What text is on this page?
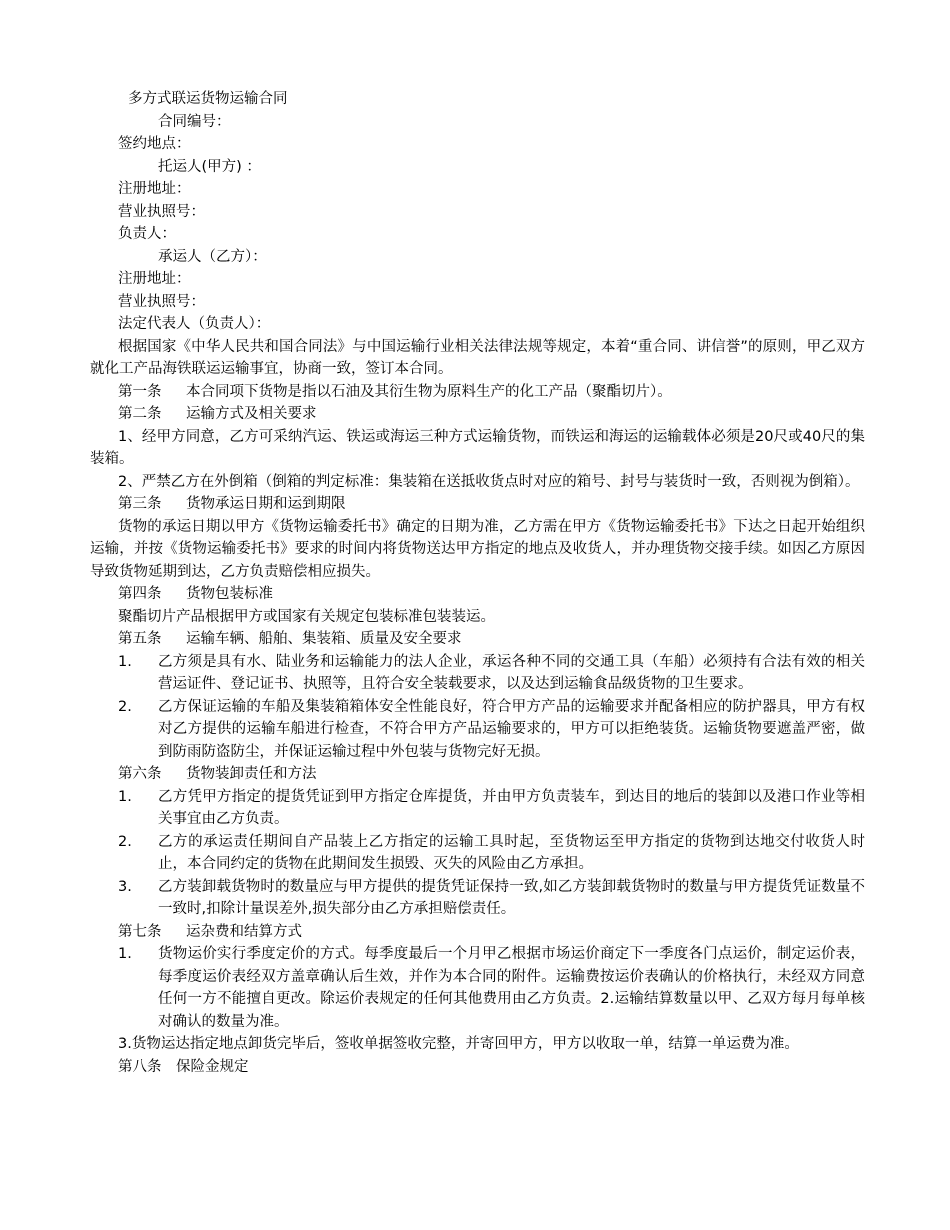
多方式联运货物运输合同
合同编号：
签约地点：
托运人(甲方) ：
注册地址：
营业执照号：
负责人：
承运人（乙方）：
注册地址：
营业执照号：
法定代表人（负责人）：
根据国家《中华人民共和国合同法》与中国运输行业相关法律法规等规定，本着“重合同、讲信誉”的原则，甲乙双方就化工产品海铁联运运输事宜，协商一致，签订本合同。
第一条 本合同项下货物是指以石油及其衍生物为原料生产的化工产品（聚酯切片）。
第二条 运输方式及相关要求
1、经甲方同意，乙方可采纳汽运、铁运或海运三种方式运输货物，而铁运和海运的运输载体必须是20尺或40尺的集装箱。
2、严禁乙方在外倒箱（倒箱的判定标准：集装箱在送抵收货点时对应的箱号、封号与装货时一致，否则视为倒箱）。
第三条 货物承运日期和运到期限
货物的承运日期以甲方《货物运输委托书》确定的日期为准，乙方需在甲方《货物运输委托书》下达之日起开始组织运输，并按《货物运输委托书》要求的时间内将货物送达甲方指定的地点及收货人，并办理货物交接手续。如因乙方原因导致货物延期到达，乙方负责赔偿相应损失。
第四条 货物包装标准
聚酯切片产品根据甲方或国家有关规定包装标准包装装运。
第五条 运输车辆、船舶、集装箱、质量及安全要求
1. 乙方须是具有水、陆业务和运输能力的法人企业，承运各种不同的交通工具（车船）必须持有合法有效的相关营运证件、登记证书、执照等，且符合安全装载要求，以及达到运输食品级货物的卫生要求。
2. 乙方保证运输的车船及集装箱箱体安全性能良好，符合甲方产品的运输要求并配备相应的防护器具，甲方有权对乙方提供的运输车船进行检查，不符合甲方产品运输要求的，甲方可以拒绝装货。运输货物要遮盖严密，做到防雨防盗防尘，并保证运输过程中外包装与货物完好无损。
第六条 货物装卸责任和方法
1. 乙方凭甲方指定的提货凭证到甲方指定仓库提货，并由甲方负责装车，到达目的地后的装卸以及港口作业等相关事宜由乙方负责。
2. 乙方的承运责任期间自产品装上乙方指定的运输工具时起，至货物运至甲方指定的货物到达地交付收货人时止，本合同约定的货物在此期间发生损毁、灭失的风险由乙方承担。
3. 乙方装卸载货物时的数量应与甲方提供的提货凭证保持一致,如乙方装卸载货物时的数量与甲方提货凭证数量不一致时,扣除计量误差外,损失部分由乙方承担赔偿责任。
第七条 运杂费和结算方式
1. 货物运价实行季度定价的方式。每季度最后一个月甲乙根据市场运价商定下一季度各门点运价，制定运价表，每季度运价表经双方盖章确认后生效，并作为本合同的附件。运输费按运价表确认的价格执行，未经双方同意任何一方不能擅自更改。除运价表规定的任何其他费用由乙方负责。2.运输结算数量以甲、乙双方每月每单核对确认的数量为准。
3.货物运达指定地点卸货完毕后，签收单据签收完整，并寄回甲方，甲方以收取一单，结算一单运费为准。
第八条 保险金规定
